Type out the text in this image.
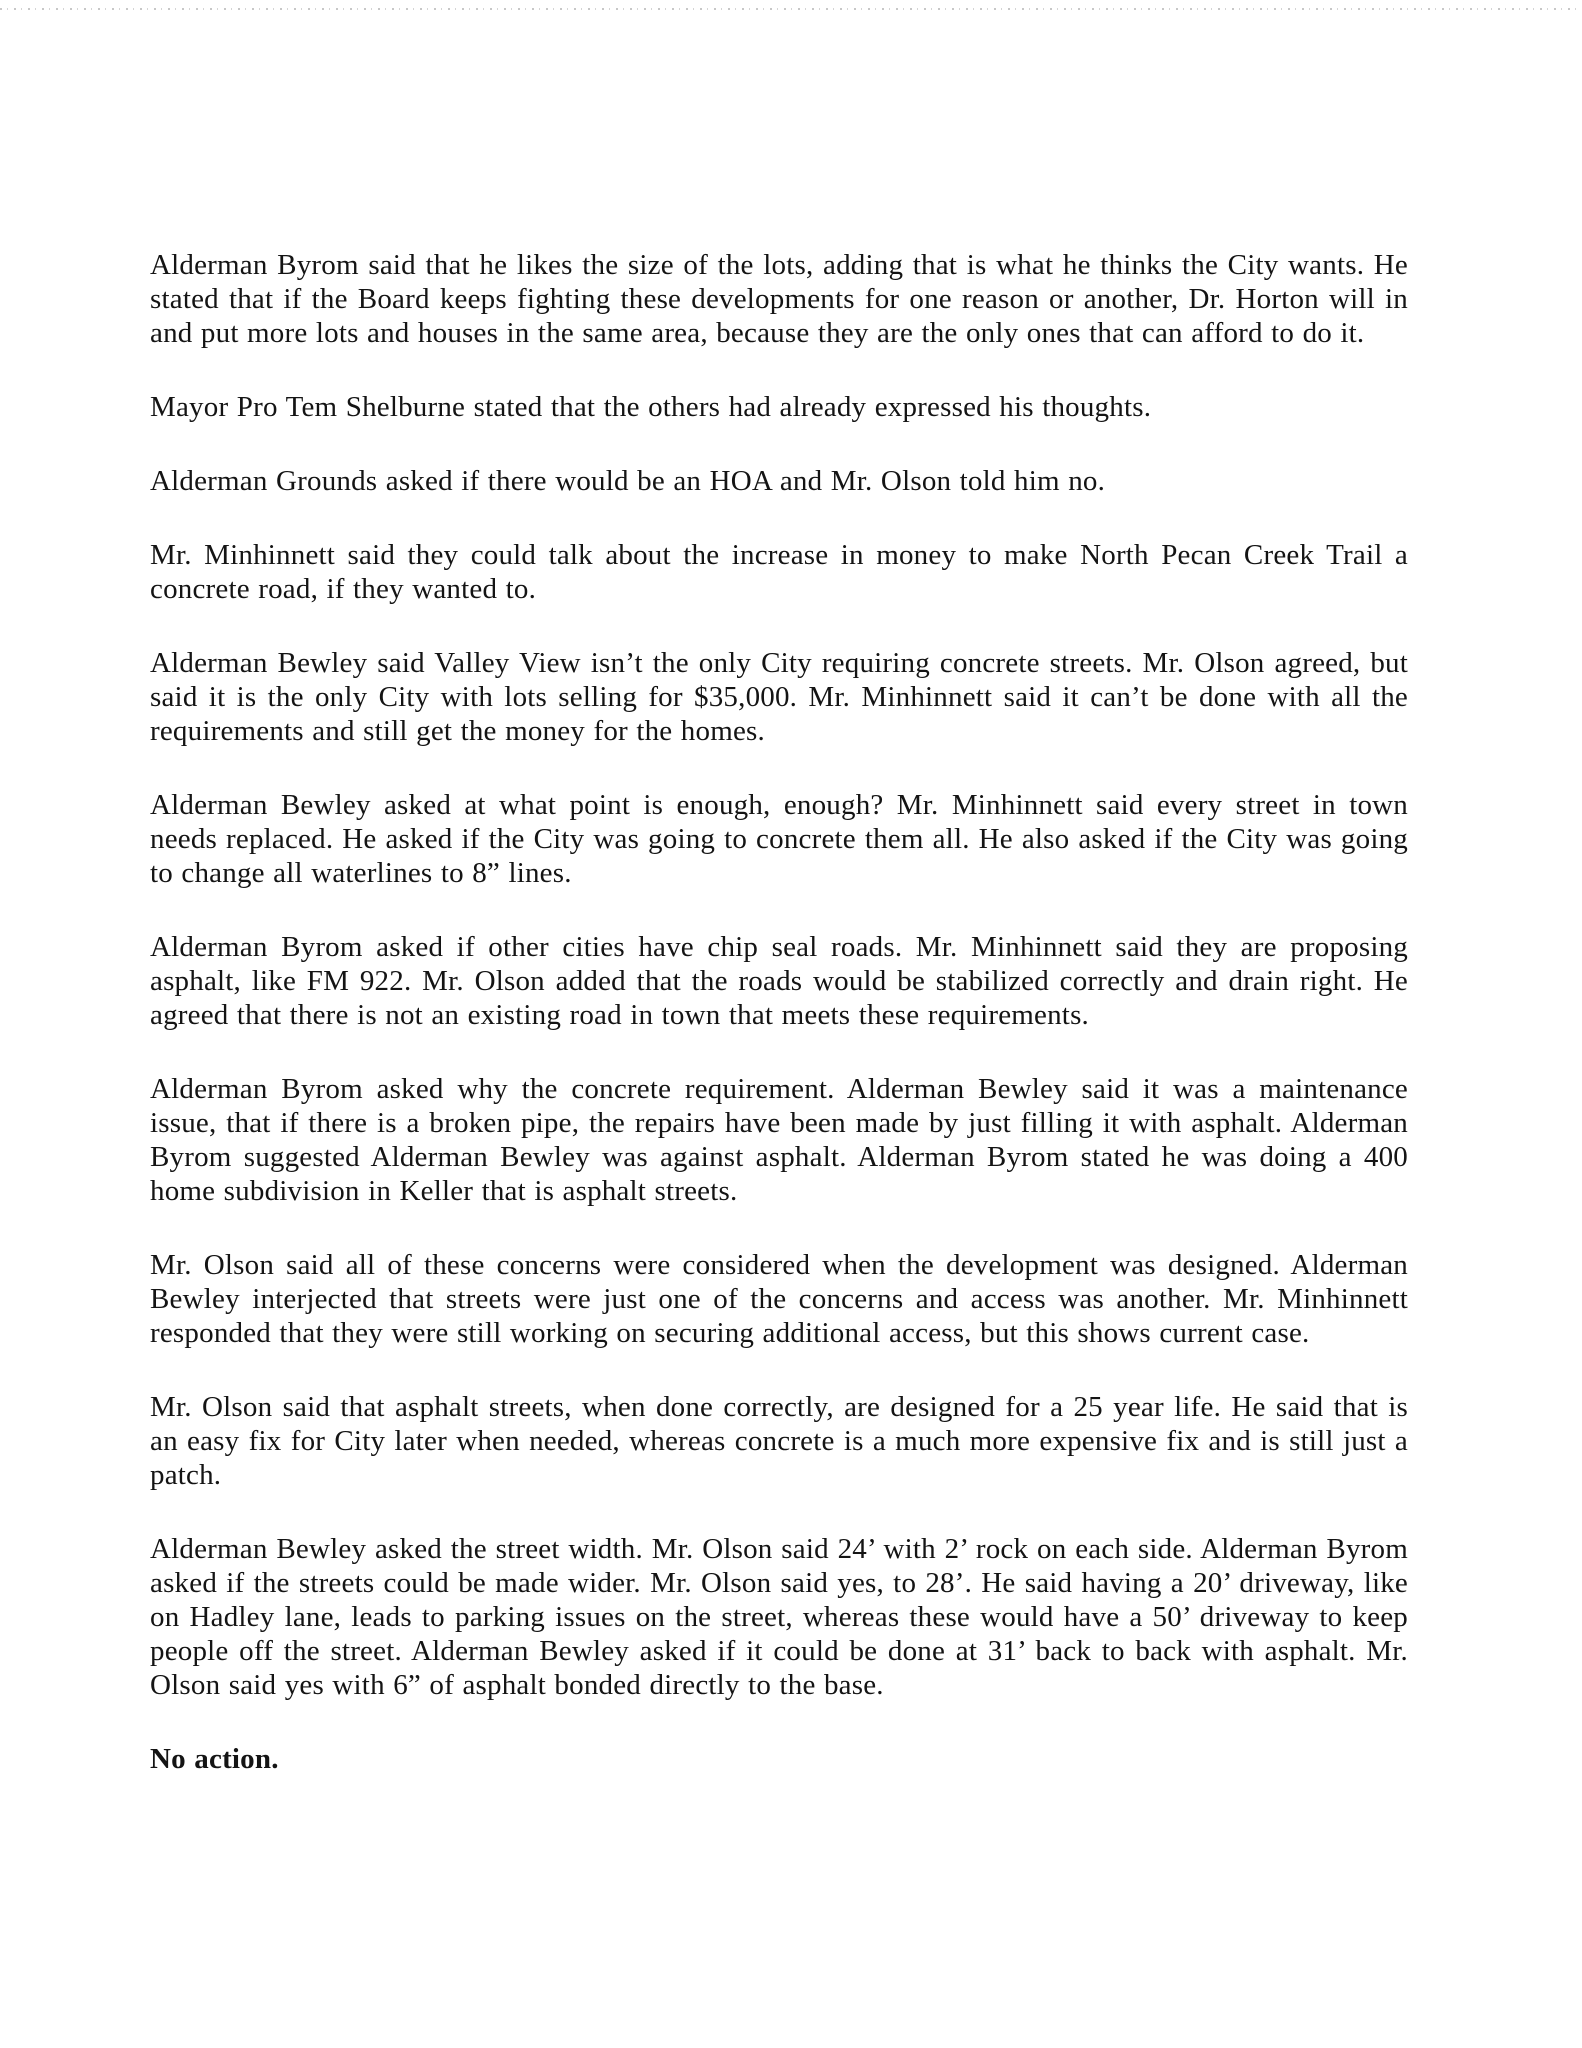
Alderman Byrom said that he likes the size of the lots, adding that is what he thinks the City wants. He stated that if the Board keeps fighting these developments for one reason or another, Dr. Horton will in and put more lots and houses in the same area, because they are the only ones that can afford to do it.

Mayor Pro Tem Shelburne stated that the others had already expressed his thoughts.

Alderman Grounds asked if there would be an HOA and Mr. Olson told him no.

Mr. Minhinnett said they could talk about the increase in money to make North Pecan Creek Trail a concrete road, if they wanted to.

Alderman Bewley said Valley View isn’t the only City requiring concrete streets. Mr. Olson agreed, but said it is the only City with lots selling for $35,000. Mr. Minhinnett said it can’t be done with all the requirements and still get the money for the homes.

Alderman Bewley asked at what point is enough, enough? Mr. Minhinnett said every street in town needs replaced. He asked if the City was going to concrete them all. He also asked if the City was going to change all waterlines to 8” lines.

Alderman Byrom asked if other cities have chip seal roads. Mr. Minhinnett said they are proposing asphalt, like FM 922. Mr. Olson added that the roads would be stabilized correctly and drain right. He agreed that there is not an existing road in town that meets these requirements.

Alderman Byrom asked why the concrete requirement. Alderman Bewley said it was a maintenance issue, that if there is a broken pipe, the repairs have been made by just filling it with asphalt. Alderman Byrom suggested Alderman Bewley was against asphalt. Alderman Byrom stated he was doing a 400 home subdivision in Keller that is asphalt streets.

Mr. Olson said all of these concerns were considered when the development was designed. Alderman Bewley interjected that streets were just one of the concerns and access was another. Mr. Minhinnett responded that they were still working on securing additional access, but this shows current case.

Mr. Olson said that asphalt streets, when done correctly, are designed for a 25 year life. He said that is an easy fix for City later when needed, whereas concrete is a much more expensive fix and is still just a patch.

Alderman Bewley asked the street width. Mr. Olson said 24’ with 2’ rock on each side. Alderman Byrom asked if the streets could be made wider. Mr. Olson said yes, to 28’. He said having a 20’ driveway, like on Hadley lane, leads to parking issues on the street, whereas these would have a 50’ driveway to keep people off the street. Alderman Bewley asked if it could be done at 31’ back to back with asphalt. Mr. Olson said yes with 6” of asphalt bonded directly to the base.

No action.
